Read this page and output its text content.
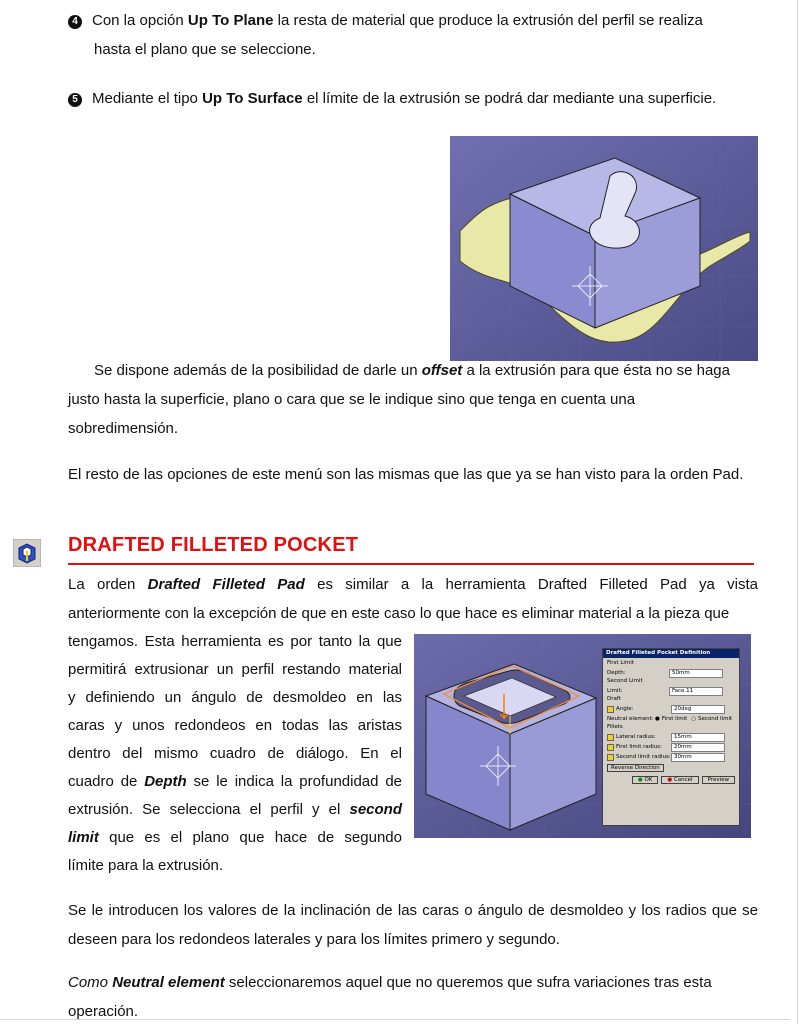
4 Con la opción Up To Plane la resta de material que produce la extrusión del perfil se realiza
hasta el plano que se seleccione.
5 Mediante el tipo Up To Surface el límite de la extrusión se podrá dar mediante una superficie.
Se dispone además de la posibilidad de darle un offset a la extrusión para que ésta no se haga
justo hasta la superficie, plano o cara que se le indique sino que tenga en cuenta una
sobredimensión.
El resto de las opciones de este menú son las mismas que las que ya se han visto para la orden Pad.
DRAFTED FILLETED POCKET
La orden Drafted Filleted Pad es similar a la herramienta Drafted Filleted Pad ya vista
anteriormente con la excepción de que en este caso lo que hace es eliminar material a la pieza que
tengamos. Esta herramienta es por tanto la que
permitirá extrusionar un perfil restando material
y definiendo un ángulo de desmoldeo en las
caras y unos redondeos en todas las aristas
dentro del mismo cuadro de diálogo. En el
cuadro de Depth se le indica la profundidad de
extrusión. Se selecciona el perfil y el second
limit que es el plano que hace de segundo
límite para la extrusión.
Drafted Filleted Pocket Definition
First Limit
Depth:	50mm
Second Limit
Limit:	Face.11
Draft
Angle:	20deg
Neutral element: ● First limit ○ Second limit
Fillets
Lateral radius:	15mm
First limit radius:	20mm
Second limit radius: 30mm
Reverse Direction
● OK	● Cancel	Preview
Se le introducen los valores de la inclinación de las caras o ángulo de desmoldeo y los radios que se
deseen para los redondeos laterales y para los límites primero y segundo.
Como Neutral element seleccionaremos aquel que no queremos que sufra variaciones tras esta
operación.
